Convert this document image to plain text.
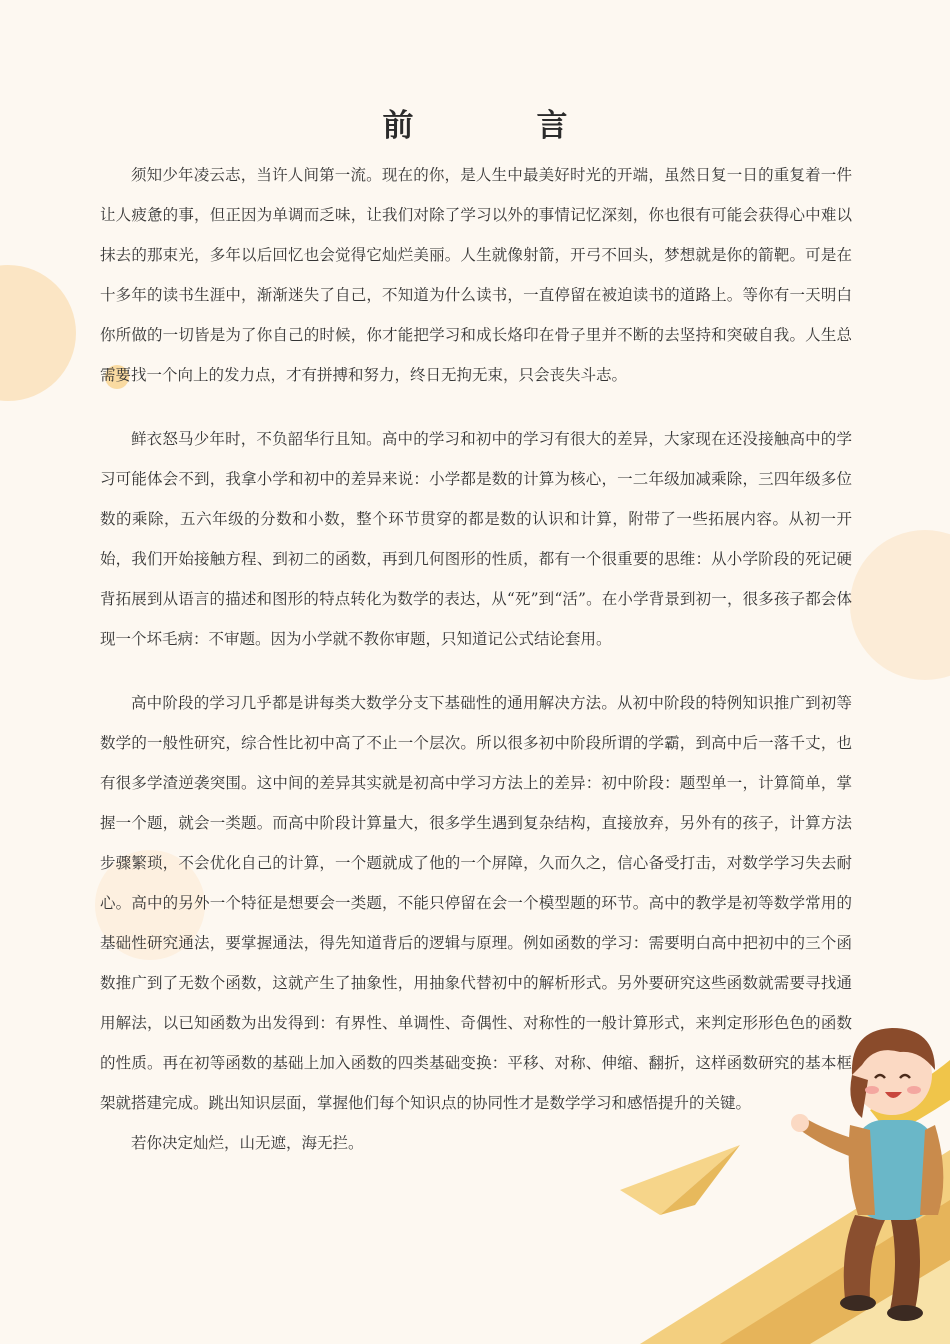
前　言

须知少年凌云志，当许人间第一流。现在的你，是人生中最美好时光的开端，虽然日复一日的重复着一件让人疲惫的事，但正因为单调而乏味，让我们对除了学习以外的事情记忆深刻，你也很有可能会获得心中难以抹去的那束光，多年以后回忆也会觉得它灿烂美丽。人生就像射箭，开弓不回头，梦想就是你的箭靶。可是在十多年的读书生涯中，渐渐迷失了自己，不知道为什么读书，一直停留在被迫读书的道路上。等你有一天明白你所做的一切皆是为了你自己的时候，你才能把学习和成长烙印在骨子里并不断的去坚持和突破自我。人生总需要找一个向上的发力点，才有拼搏和努力，终日无拘无束，只会丧失斗志。

鲜衣怒马少年时，不负韶华行且知。高中的学习和初中的学习有很大的差异，大家现在还没接触高中的学习可能体会不到，我拿小学和初中的差异来说：小学都是数的计算为核心，一二年级加减乘除，三四年级多位数的乘除，五六年级的分数和小数，整个环节贯穿的都是数的认识和计算，附带了一些拓展内容。从初一开始，我们开始接触方程、到初二的函数，再到几何图形的性质，都有一个很重要的思维：从小学阶段的死记硬背拓展到从语言的描述和图形的特点转化为数学的表达，从“死”到“活”。在小学背景到初一，很多孩子都会体现一个坏毛病：不审题。因为小学就不教你审题，只知道记公式结论套用。

高中阶段的学习几乎都是讲每类大数学分支下基础性的通用解决方法。从初中阶段的特例知识推广到初等数学的一般性研究，综合性比初中高了不止一个层次。所以很多初中阶段所谓的学霸，到高中后一落千丈，也有很多学渣逆袭突围。这中间的差异其实就是初高中学习方法上的差异：初中阶段：题型单一，计算简单，掌握一个题，就会一类题。而高中阶段计算量大，很多学生遇到复杂结构，直接放弃，另外有的孩子，计算方法步骤繁琐，不会优化自己的计算，一个题就成了他的一个屏障，久而久之，信心备受打击，对数学学习失去耐心。高中的另外一个特征是想要会一类题，不能只停留在会一个模型题的环节。高中的教学是初等数学常用的基础性研究通法，要掌握通法，得先知道背后的逻辑与原理。例如函数的学习：需要明白高中把初中的三个函数推广到了无数个函数，这就产生了抽象性，用抽象代替初中的解析形式。另外要研究这些函数就需要寻找通用解法，以已知函数为出发得到：有界性、单调性、奇偶性、对称性的一般计算形式，来判定形形色色的函数的性质。再在初等函数的基础上加入函数的四类基础变换：平移、对称、伸缩、翻折，这样函数研究的基本框架就搭建完成。跳出知识层面，掌握他们每个知识点的协同性才是数学学习和感悟提升的关键。

若你决定灿烂，山无遮，海无拦。
